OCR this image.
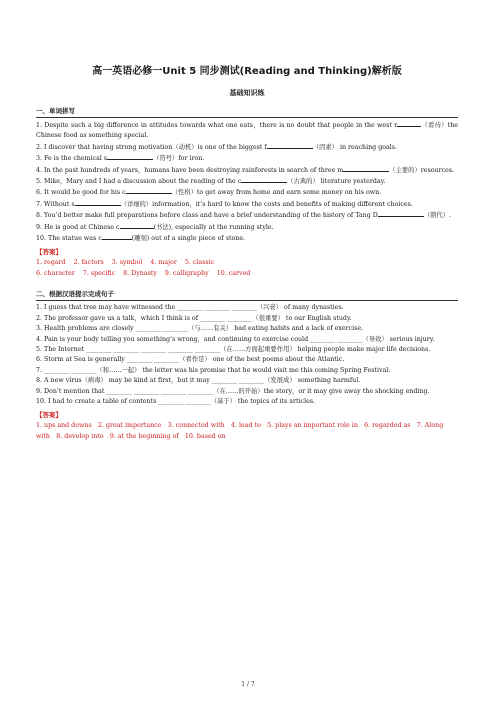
高一英语必修一Unit 5 同步测试(Reading and Thinking)解析版
基础知识练
一、单词拼写
1. Despite such a big difference in attitudes towards what one eats，there is no doubt that people in the west r	（看待）the Chinese food as something special.
2. I discover that having strong motivation（动机）is one of the biggest f	（因素） in reaching goals.
3. Fe is the chemical s	（符号）for iron.
4. In the past hundreds of years，humans have been destroying rainforests in search of three m	（主要的）resources.
5. Mike，Mary and I had a discussion about the reading of the c	（古典的） literature yesterday.
6. It would be good for his c	（性格）to get away from home and earn some money on his own.
7. Without s	（详细的）information，it’s hard to know the costs and benefits of making different choices.
8. You’d better make full preparations before class and have a brief understanding of the history of Tang D	（朝代）.
9. He is good at Chinese c	(书法), especially at the running style.
10. The statue was c	(雕刻) out of a single piece of stone.
【答案】
1. regard 2. factors 3. symbol 4. major 5. classic
6. character 7. specific 8. Dynasty 9. calligraphy 10. carved
二、根据汉语提示完成句子
1. I guess that tree may have witnessed the ________ ________ ________（兴衰） of many dynasties.
2. The professor gave us a talk，which I think is of ________ ________（很重要） to our English study.
3. Health problems are closely ________ ________（与……有关） bad eating habits and a lack of exercise.
4. Pain is your body telling you something’s wrong，and continuing to exercise could ________ ________（导致） serious injury.
5. The Internet ________ ________ ________ ________ ________（在……方面起重要作用） helping people make major life decisions.
6. Storm at Sea is generally ________ ________（看作是） one of the best poems about the Atlantic.
7. ________ ________（和……一起） the letter was his promise that he would visit me this coming Spring Festival.
8. A new virus（病毒） may be kind at first，but it may ________ ________（发展成） something harmful.
9. Don’t mention that ________ ________ ________ ________（在……的开始）the story，or it may give away the shocking ending.
10. I had to create a table of contents ________ ________（基于） the topics of its articles.
【答案】
1. ups and downs　2. great importance　3. connected with　4. lead to　5. plays an important role in　6. regarded as　7. Along with　8. develop into　9. at the beginning of　10. based on
1 / 7
